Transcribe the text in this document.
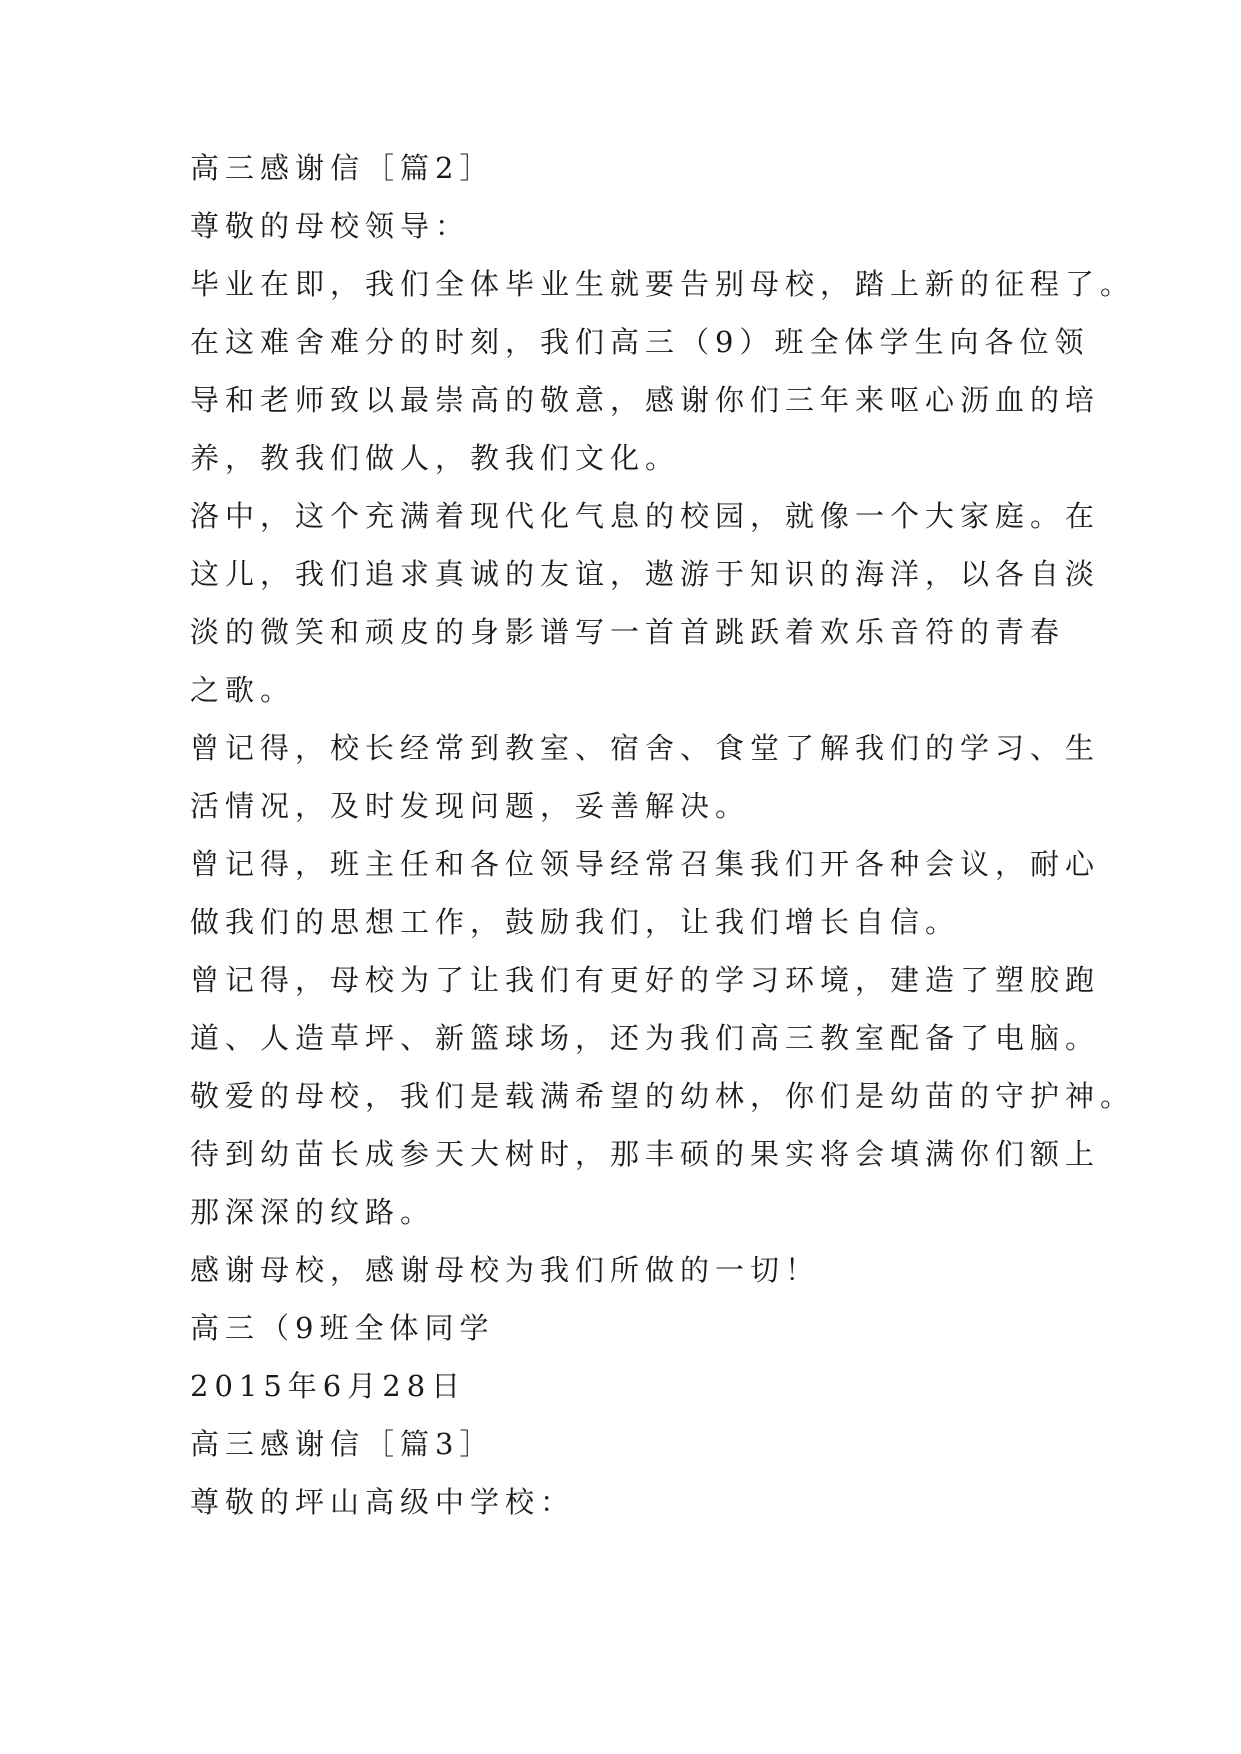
高三感谢信［篇2］
尊敬的母校领导：
毕业在即，我们全体毕业生就要告别母校，踏上新的征程了。
在这难舍难分的时刻，我们高三（9）班全体学生向各位领
导和老师致以最崇高的敬意，感谢你们三年来呕心沥血的培
养，教我们做人，教我们文化。
洛中，这个充满着现代化气息的校园，就像一个大家庭。在
这儿，我们追求真诚的友谊，遨游于知识的海洋，以各自淡
淡的微笑和顽皮的身影谱写一首首跳跃着欢乐音符的青春
之歌。
曾记得，校长经常到教室、宿舍、食堂了解我们的学习、生
活情况，及时发现问题，妥善解决。
曾记得，班主任和各位领导经常召集我们开各种会议，耐心
做我们的思想工作，鼓励我们，让我们增长自信。
曾记得，母校为了让我们有更好的学习环境，建造了塑胶跑
道、人造草坪、新篮球场，还为我们高三教室配备了电脑。
敬爱的母校，我们是载满希望的幼林，你们是幼苗的守护神。
待到幼苗长成参天大树时，那丰硕的果实将会填满你们额上
那深深的纹路。
感谢母校，感谢母校为我们所做的一切！
高三（9班全体同学
2015年6月28日
高三感谢信［篇3］
尊敬的坪山高级中学校：
